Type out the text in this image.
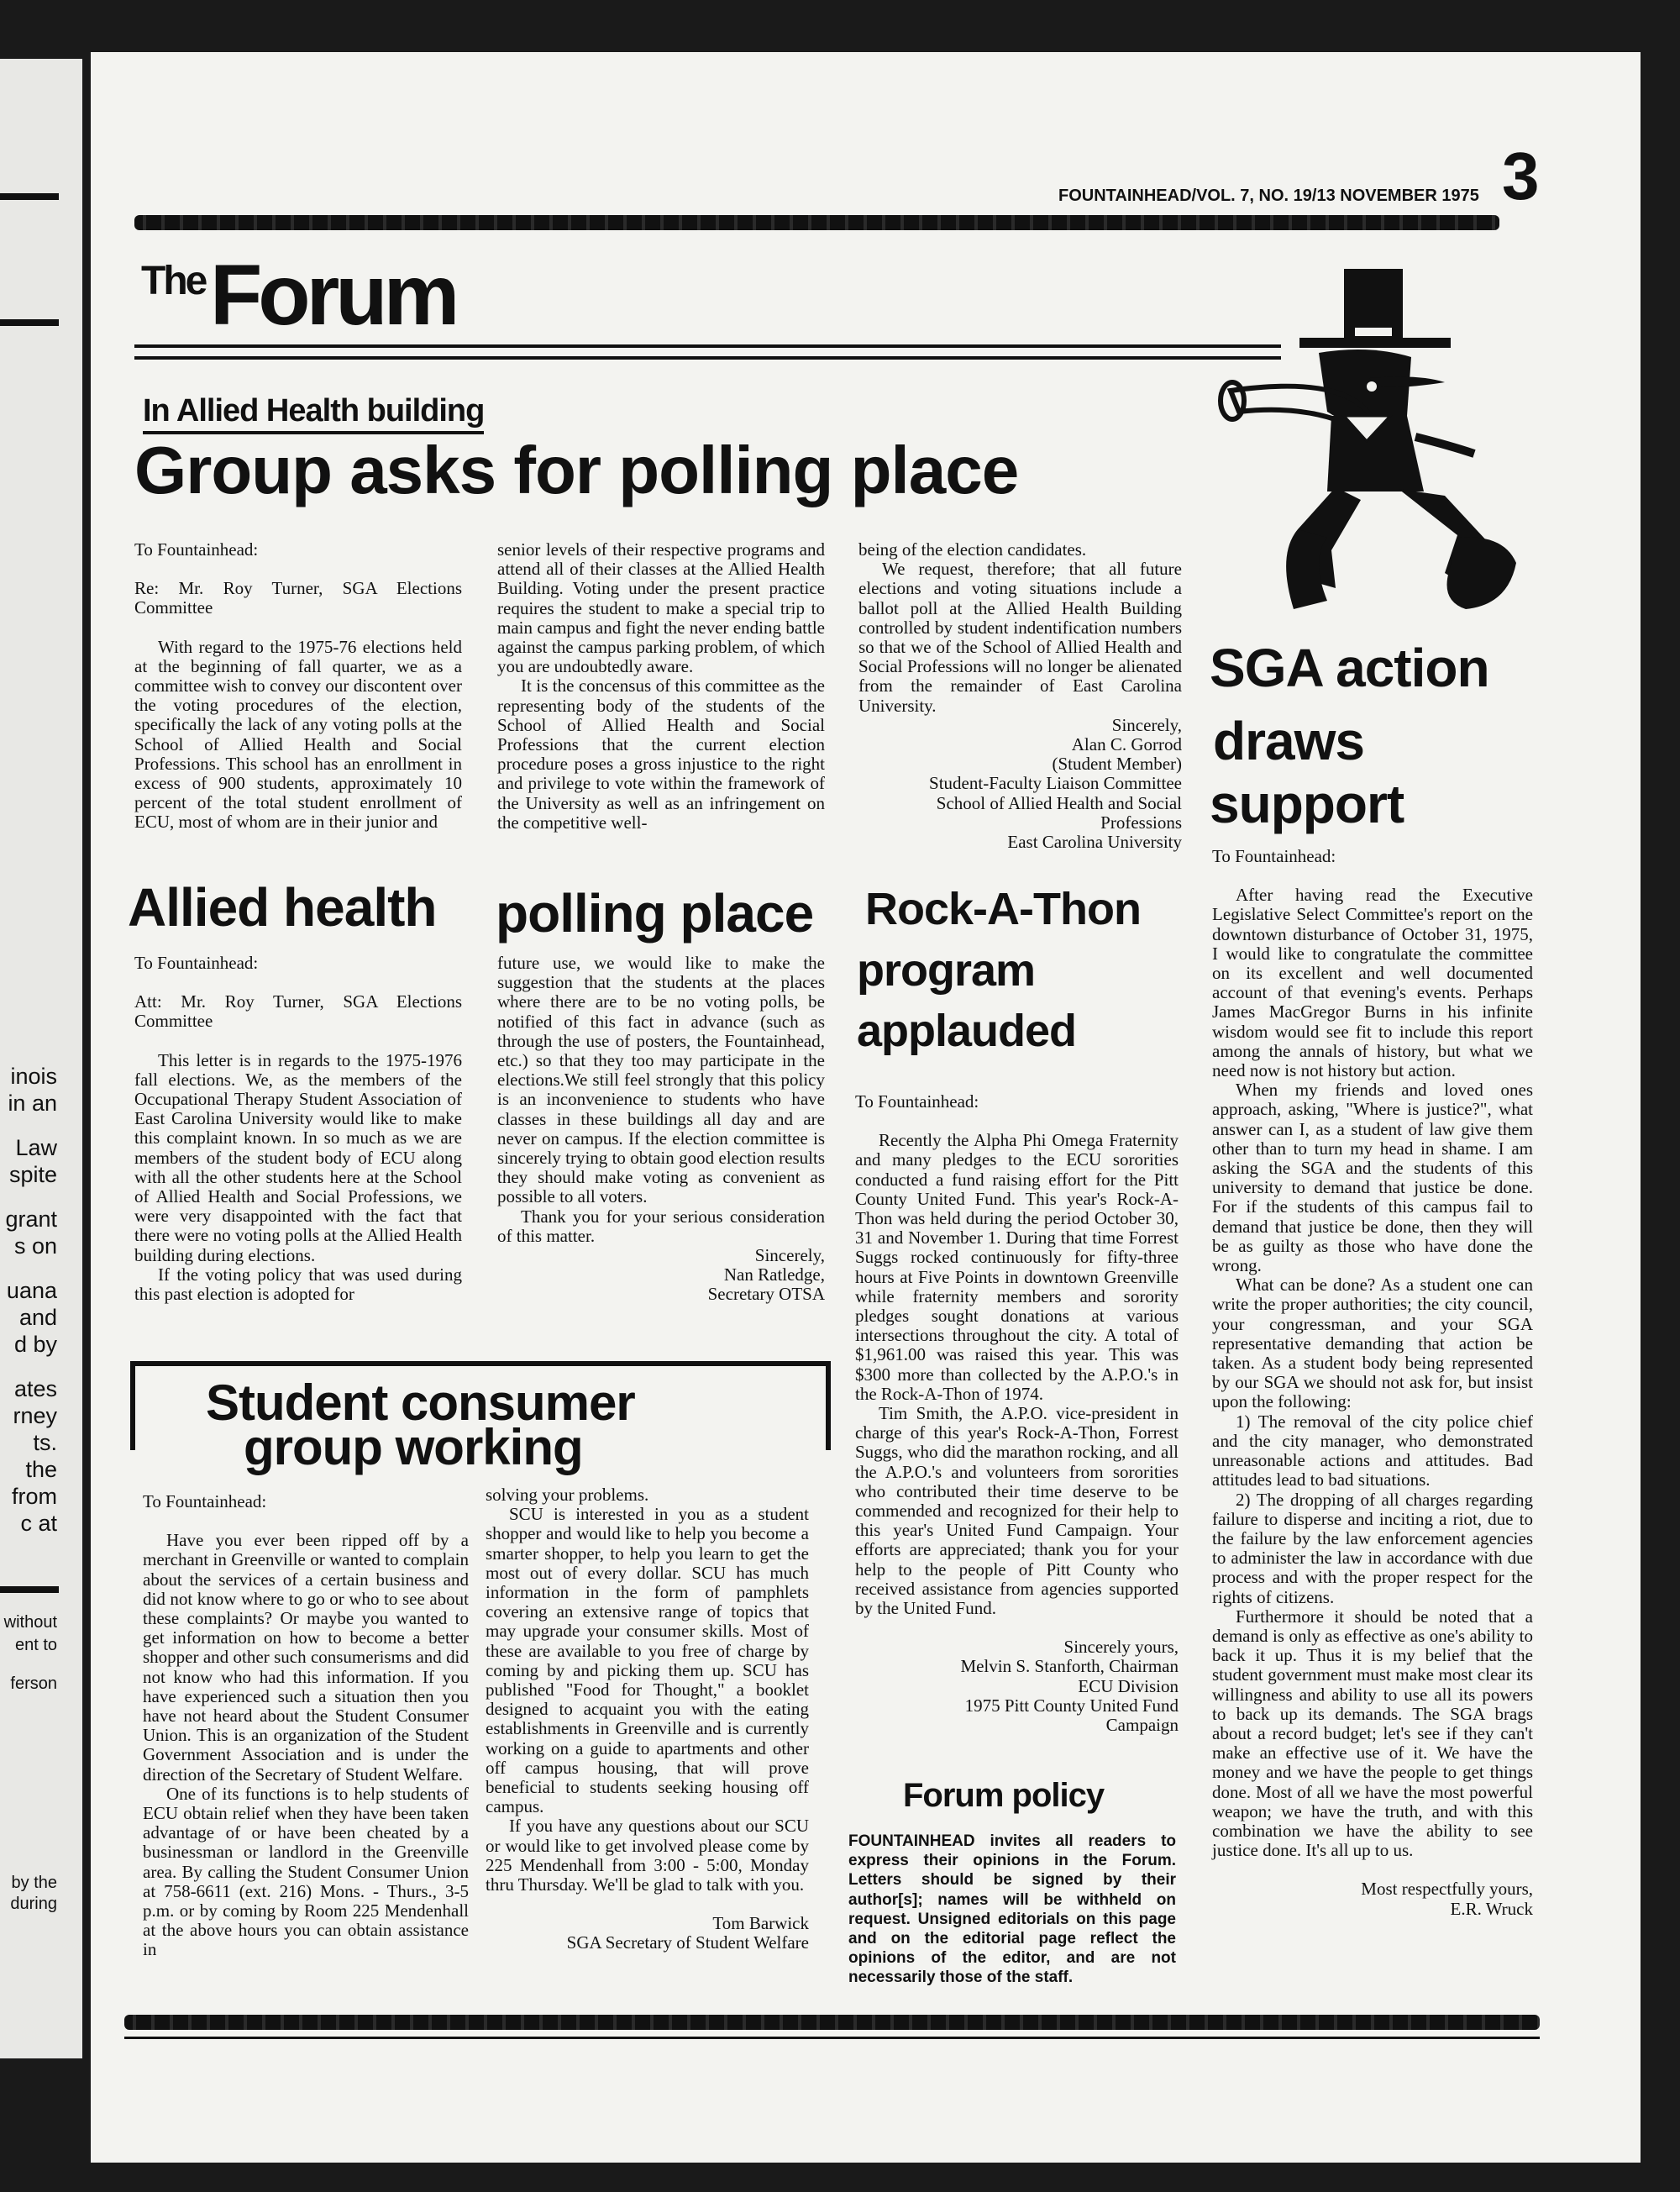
inois
in an
Law
spite
grant
s on
uana
and
d by
ates
rney
ts.
the
from
c at
without
ent to
ferson
by the
during
FOUNTAINHEAD/VOL. 7, NO. 19/13 NOVEMBER 1975 3
The Forum
In Allied Health building
Group asks for polling place

To Fountainhead:

Re: Mr. Roy Turner, SGA Elections Committee

With regard to the 1975-76 elections held at the beginning of fall quarter, we as a committee wish to convey our discontent over the voting procedures of the election, specifically the lack of any voting polls at the School of Allied Health and Social Professions. This school has an enrollment in excess of 900 students, approximately 10 percent of the total student enrollment of ECU, most of whom are in their junior and

senior levels of their respective programs and attend all of their classes at the Allied Health Building. Voting under the present practice requires the student to make a special trip to main campus and fight the never ending battle against the campus parking problem, of which you are undoubtedly aware.

It is the concensus of this committee as the representing body of the students of the School of Allied Health and Social Professions that the current election procedure poses a gross injustice to the right and privilege to vote within the framework of the University as well as an infringement on the competitive well-

being of the election candidates.

We request, therefore; that all future elections and voting situations include a ballot poll at the Allied Health Building controlled by student indentification numbers so that we of the School of Allied Health and Social Professions will no longer be alienated from the remainder of East Carolina University.

Sincerely,

Alan C. Gorrod

(Student Member)

Student-Faculty Liaison Committee

School of Allied Health and Social

Professions

East Carolina University

SGA action
draws
support

To Fountainhead:

After having read the Executive Legislative Select Committee's report on the downtown disturbance of October 31, 1975, I would like to congratulate the committee on its excellent and well documented account of that evening's events. Perhaps James MacGregor Burns in his infinite wisdom would see fit to include this report among the annals of history, but what we need now is not history but action.

When my friends and loved ones approach, asking, "Where is justice?", what answer can I, as a student of law give them other than to turn my head in shame. I am asking the SGA and the students of this university to demand that justice be done. For if the students of this campus fail to demand that justice be done, then they will be as guilty as those who have done the wrong.

What can be done? As a student one can write the proper authorities; the city council, your congressman, and your SGA representative demanding that action be taken. As a student body being represented by our SGA we should not ask for, but insist upon the following:

1) The removal of the city police chief and the city manager, who demonstrated unreasonable actions and attitudes. Bad attitudes lead to bad situations.

2) The dropping of all charges regarding failure to disperse and inciting a riot, due to the failure by the law enforcement agencies to administer the law in accordance with due process and with the proper respect for the rights of citizens.

Furthermore it should be noted that a demand is only as effective as one's ability to back it up. Thus it is my belief that the student government must make most clear its willingness and ability to use all its powers to back up its demands. The SGA brags about a record budget; let's see if they can't make an effective use of it. We have the money and we have the people to get things done. Most of all we have the most powerful weapon; we have the truth, and with this combination we have the ability to see justice done. It's all up to us.

Most respectfully yours,

E.R. Wruck

Allied health polling place

To Fountainhead:

Att: Mr. Roy Turner, SGA Elections Committee

This letter is in regards to the 1975-1976 fall elections. We, as the members of the Occupational Therapy Student Association of East Carolina University would like to make this complaint known. In so much as we are members of the student body of ECU along with all the other students here at the School of Allied Health and Social Professions, we were very disappointed with the fact that there were no voting polls at the Allied Health building during elections.

If the voting policy that was used during this past election is adopted for

future use, we would like to make the suggestion that the students at the places where there are to be no voting polls, be notified of this fact in advance (such as through the use of posters, the Fountainhead, etc.) so that they too may participate in the elections.We still feel strongly that this policy is an inconvenience to students who have classes in these buildings all day and are never on campus. If the election committee is sincerely trying to obtain good election results they should make voting as convenient as possible to all voters.

Thank you for your serious consideration of this matter.

Sincerely,

Nan Ratledge,

Secretary OTSA

Rock-A-Thon
program
applauded

To Fountainhead:

Recently the Alpha Phi Omega Fraternity and many pledges to the ECU sororities conducted a fund raising effort for the Pitt County United Fund. This year's Rock-A-Thon was held during the period October 30, 31 and November 1. During that time Forrest Suggs rocked continuously for fifty-three hours at Five Points in downtown Greenville while fraternity members and sorority pledges sought donations at various intersections throughout the city. A total of $1,961.00 was raised this year. This was $300 more than collected by the A.P.O.'s in the Rock-A-Thon of 1974.

Tim Smith, the A.P.O. vice-president in charge of this year's Rock-A-Thon, Forrest Suggs, who did the marathon rocking, and all the A.P.O.'s and volunteers from sororities who contributed their time deserve to be commended and recognized for their help to this year's United Fund Campaign. Your efforts are appreciated; thank you for your help to the people of Pitt County who received assistance from agencies supported by the United Fund.

Sincerely yours,

Melvin S. Stanforth, Chairman

ECU Division

1975 Pitt County United Fund

Campaign

Forum policy

FOUNTAINHEAD invites all readers to express their opinions in the Forum. Letters should be signed by their author[s]; names will be withheld on request. Unsigned editorials on this page and on the editorial page reflect the opinions of the editor, and are not necessarily those of the staff.

Student consumer
group working

To Fountainhead:

Have you ever been ripped off by a merchant in Greenville or wanted to complain about the services of a certain business and did not know where to go or who to see about these complaints? Or maybe you wanted to get information on how to become a better shopper and other such consumerisms and did not know who had this information. If you have experienced such a situation then you have not heard about the Student Consumer Union. This is an organization of the Student Government Association and is under the direction of the Secretary of Student Welfare.

One of its functions is to help students of ECU obtain relief when they have been taken advantage of or have been cheated by a businessman or landlord in the Greenville area. By calling the Student Consumer Union at 758-6611 (ext. 216) Mons. - Thurs., 3-5 p.m. or by coming by Room 225 Mendenhall at the above hours you can obtain assistance in

solving your problems.

SCU is interested in you as a student shopper and would like to help you become a smarter shopper, to help you learn to get the most out of every dollar. SCU has much information in the form of pamphlets covering an extensive range of topics that may upgrade your consumer skills. Most of these are available to you free of charge by coming by and picking them up. SCU has published "Food for Thought," a booklet designed to acquaint you with the eating establishments in Greenville and is currently working on a guide to apartments and other off campus housing, that will prove beneficial to students seeking housing off campus.

If you have any questions about our SCU or would like to get involved please come by 225 Mendenhall from 3:00 - 5:00, Monday thru Thursday. We'll be glad to talk with you.

Tom Barwick

SGA Secretary of Student Welfare
